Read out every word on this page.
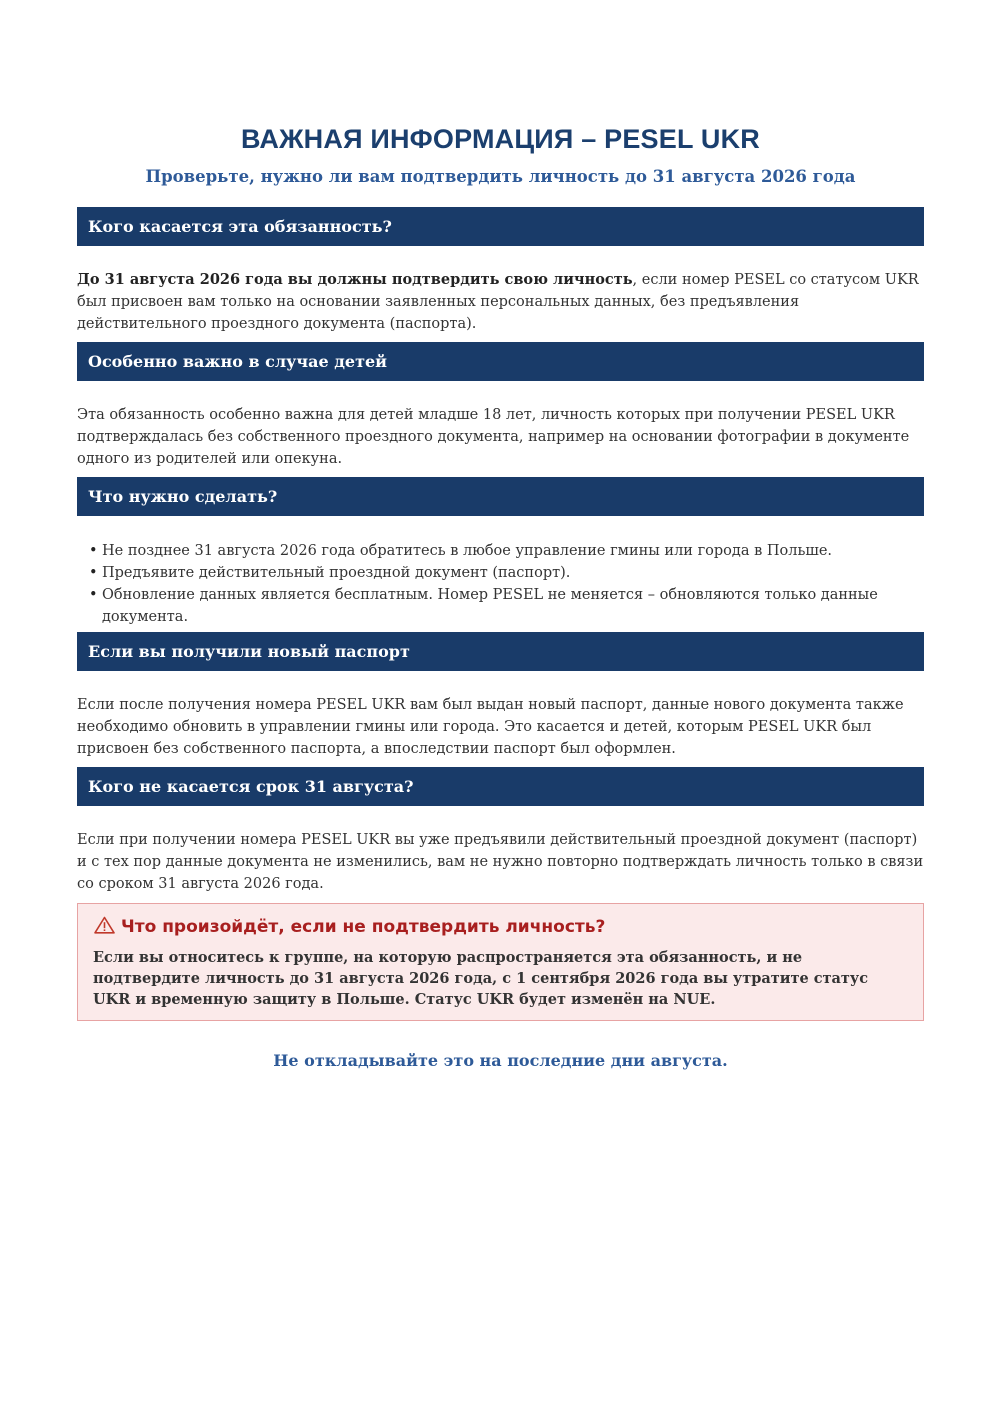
ВАЖНАЯ ИНФОРМАЦИЯ – PESEL UKR
Проверьте, нужно ли вам подтвердить личность до 31 августа 2026 года
Кого касается эта обязанность?
До 31 августа 2026 года вы должны подтвердить свою личность, если номер PESEL со статусом UKR был присвоен вам только на основании заявленных персональных данных, без предъявления действительного проездного документа (паспорта).
Особенно важно в случае детей
Эта обязанность особенно важна для детей младше 18 лет, личность которых при получении PESEL UKR подтверждалась без собственного проездного документа, например на основании фотографии в документе одного из родителей или опекуна.
Что нужно сделать?
• Не позднее 31 августа 2026 года обратитесь в любое управление гмины или города в Польше.
• Предъявите действительный проездной документ (паспорт).
• Обновление данных является бесплатным. Номер PESEL не меняется – обновляются только данные документа.
Если вы получили новый паспорт
Если после получения номера PESEL UKR вам был выдан новый паспорт, данные нового документа также необходимо обновить в управлении гмины или города. Это касается и детей, которым PESEL UKR был присвоен без собственного паспорта, а впоследствии паспорт был оформлен.
Кого не касается срок 31 августа?
Если при получении номера PESEL UKR вы уже предъявили действительный проездной документ (паспорт) и с тех пор данные документа не изменились, вам не нужно повторно подтверждать личность только в связи со сроком 31 августа 2026 года.
Что произойдёт, если не подтвердить личность?
Если вы относитесь к группе, на которую распространяется эта обязанность, и не подтвердите личность до 31 августа 2026 года, с 1 сентября 2026 года вы утратите статус UKR и временную защиту в Польше. Статус UKR будет изменён на NUE.
Не откладывайте это на последние дни августа.
